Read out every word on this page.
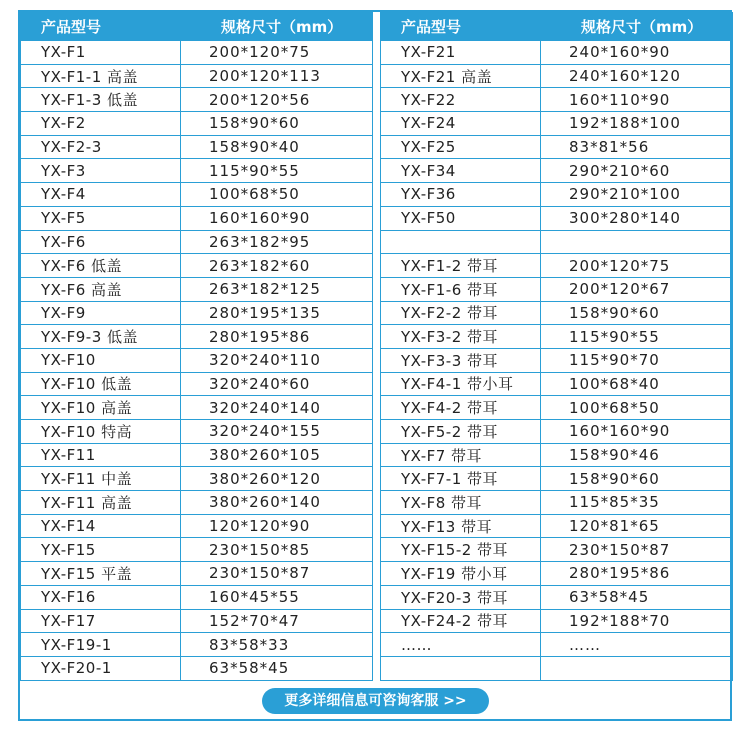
产品型号	规格尺寸（mm）
YX-F1	200*120*75
YX-F1-1 高盖	200*120*113
YX-F1-3 低盖	200*120*56
YX-F2	158*90*60
YX-F2-3	158*90*40
YX-F3	115*90*55
YX-F4	100*68*50
YX-F5	160*160*90
YX-F6	263*182*95
YX-F6 低盖	263*182*60
YX-F6 高盖	263*182*125
YX-F9	280*195*135
YX-F9-3 低盖	280*195*86
YX-F10	320*240*110
YX-F10 低盖	320*240*60
YX-F10 高盖	320*240*140
YX-F10 特高	320*240*155
YX-F11	380*260*105
YX-F11 中盖	380*260*120
YX-F11 高盖	380*260*140
YX-F14	120*120*90
YX-F15	230*150*85
YX-F15 平盖	230*150*87
YX-F16	160*45*55
YX-F17	152*70*47
YX-F19-1	83*58*33
YX-F20-1	63*58*45
产品型号	规格尺寸（mm）
YX-F21	240*160*90
YX-F21 高盖	240*160*120
YX-F22	160*110*90
YX-F24	192*188*100
YX-F25	83*81*56
YX-F34	290*210*60
YX-F36	290*210*100
YX-F50	300*280*140

YX-F1-2 带耳	200*120*75
YX-F1-6 带耳	200*120*67
YX-F2-2 带耳	158*90*60
YX-F3-2 带耳	115*90*55
YX-F3-3 带耳	115*90*70
YX-F4-1 带小耳	100*68*40
YX-F4-2 带耳	100*68*50
YX-F5-2 带耳	160*160*90
YX-F7 带耳	158*90*46
YX-F7-1 带耳	158*90*60
YX-F8 带耳	115*85*35
YX-F13 带耳	120*81*65
YX-F15-2 带耳	230*150*87
YX-F19 带小耳	280*195*86
YX-F20-3 带耳	63*58*45
YX-F24-2 带耳	192*188*70
……	……

更多详细信息可咨询客服 >>
